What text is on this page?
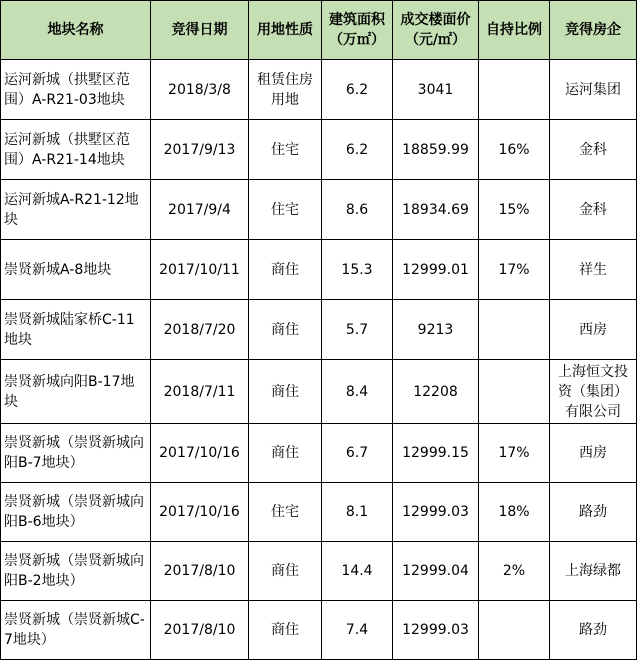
地块名称	竞得日期	用地性质	建筑面积（万㎡）	成交楼面价（元/㎡）	自持比例	竞得房企
运河新城（拱墅区范围）A-R21-03地块	2018/3/8	租赁住房用地	6.2	3041		运河集团
运河新城（拱墅区范围）A-R21-14地块	2017/9/13	住宅	6.2	18859.99	16%	金科
运河新城A-R21-12地块	2017/9/4	住宅	8.6	18934.69	15%	金科
崇贤新城A-8地块	2017/10/11	商住	15.3	12999.01	17%	祥生
崇贤新城陆家桥C-11地块	2018/7/20	商住	5.7	9213		西房
崇贤新城向阳B-17地块	2018/7/11	商住	8.4	12208		上海恒文投资（集团）有限公司
崇贤新城（崇贤新城向阳B-7地块）	2017/10/16	商住	6.7	12999.15	17%	西房
崇贤新城（崇贤新城向阳B-6地块）	2017/10/16	住宅	8.1	12999.03	18%	路劲
崇贤新城（崇贤新城向阳B-2地块）	2017/8/10	商住	14.4	12999.04	2%	上海绿都
崇贤新城（崇贤新城C-7地块）	2017/8/10	商住	7.4	12999.03		路劲
